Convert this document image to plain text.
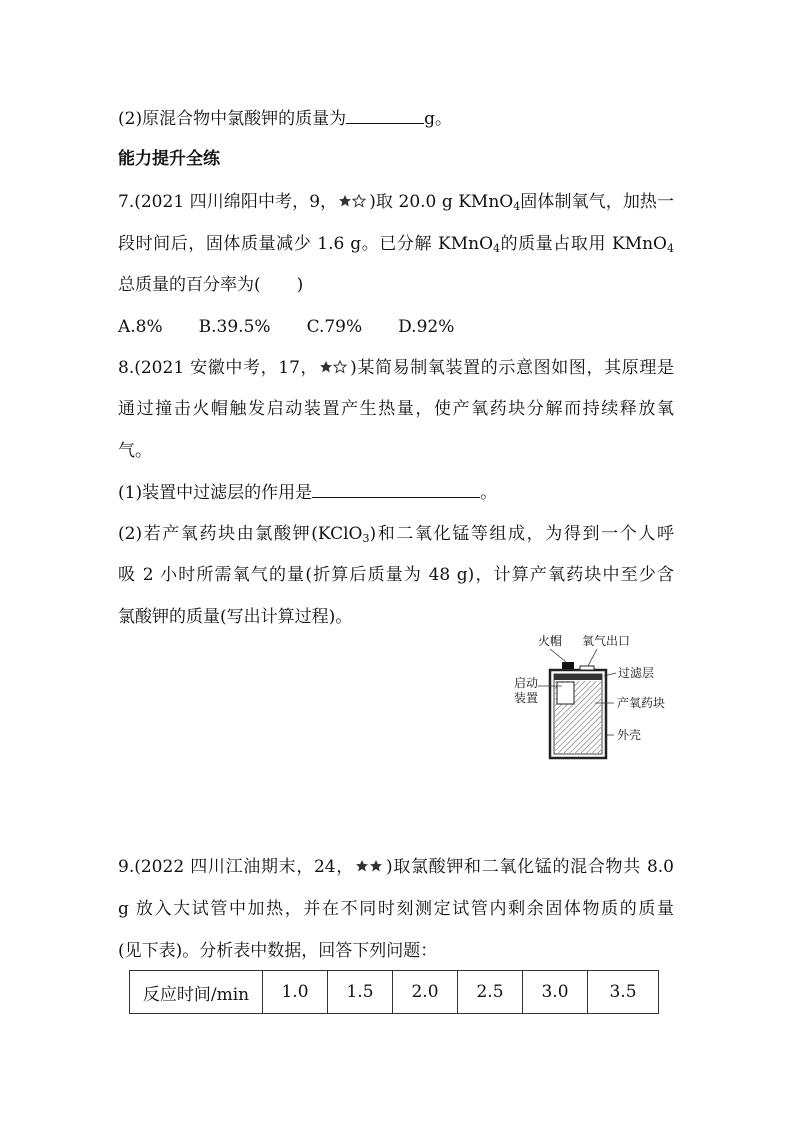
(2)原混合物中氯酸钾的质量为	g。
能力提升全练
7.(2021 四川绵阳中考，9， )取 20.0 g KMnO$_4$固体制氧气，加热一
段时间后，固体质量减少 1.6 g。已分解 KMnO$_4$的质量占取用 KMnO$_4$
总质量的百分率为( )
A.8% B.39.5% C.79% D.92%
8.(2021 安徽中考，17， )某简易制氧装置的示意图如图，其原理是
通过撞击火帽触发启动装置产生热量，使产氧药块分解而持续释放氧
气。
(1)装置中过滤层的作用是	。
(2)若产氧药块由氯酸钾(KClO$_3$)和二氧化锰等组成，为得到一个人呼
吸 2 小时所需氧气的量(折算后质量为 48 g)，计算产氧药块中至少含
氯酸钾的质量(写出计算过程)。
火帽 氧气出口
过滤层
启动
装置	产氧药块
外壳
9.(2022 四川江油期末，24， )取氯酸钾和二氧化锰的混合物共 8.0
g 放入大试管中加热，并在不同时刻测定试管内剩余固体物质的质量
(见下表)。分析表中数据，回答下列问题：
反应时间/min	1.0	1.5	2.0	2.5	3.0	3.5
